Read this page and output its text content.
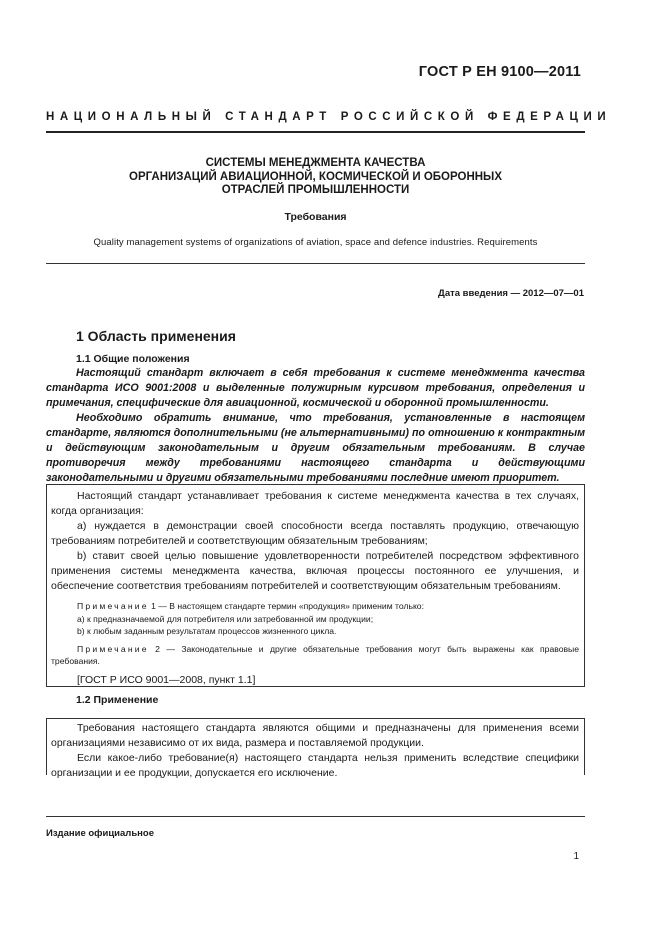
ГОСТ Р ЕН 9100—2011
НАЦИОНАЛЬНЫЙ СТАНДАРТ РОССИЙСКОЙ ФЕДЕРАЦИИ
СИСТЕМЫ МЕНЕДЖМЕНТА КАЧЕСТВА
ОРГАНИЗАЦИЙ АВИАЦИОННОЙ, КОСМИЧЕСКОЙ И ОБОРОННЫХ
ОТРАСЛЕЙ ПРОМЫШЛЕННОСТИ
Требования
Quality management systems of organizations of aviation, space and defence industries. Requirements
Дата введения — 2012—07—01
1 Область применения
1.1 Общие положения

Настоящий стандарт включает в себя требования к системе менеджмента качества стандарта ИСО 9001:2008 и выделенные полужирным курсивом требования, определения и примечания, специфические для авиационной, космической и оборонной промышленности.

Необходимо обратить внимание, что требования, установленные в настоящем стандарте, являются дополнительными (не альтернативными) по отношению к контрактным и действующим законодательным и другим обязательным требованиям. В случае противоречия между требованиями настоящего стандарта и действующими законодательными и другими обязательными требованиями последние имеют приоритет.

Настоящий стандарт устанавливает требования к системе менеджмента качества в тех случаях, когда организация:

а) нуждается в демонстрации своей способности всегда поставлять продукцию, отвечающую требованиям потребителей и соответствующим обязательным требованиям;

b) ставит своей целью повышение удовлетворенности потребителей посредством эффективного применения системы менеджмента качества, включая процессы постоянного ее улучшения, и обеспечение соответствия требованиям потребителей и соответствующим обязательным требованиям.

Примечание 1 — В настоящем стандарте термин «продукция» применим только:

a) к предназначаемой для потребителя или затребованной им продукции;

b) к любым заданным результатам процессов жизненного цикла.

Примечание 2 — Законодательные и другие обязательные требования могут быть выражены как правовые требования.

[ГОСТ Р ИСО 9001—2008, пункт 1.1]

1.2 Применение

Требования настоящего стандарта являются общими и предназначены для применения всеми организациями независимо от их вида, размера и поставляемой продукции.

Если какое-либо требование(я) настоящего стандарта нельзя применить вследствие специфики организации и ее продукции, допускается его исключение.

Издание официальное
1
